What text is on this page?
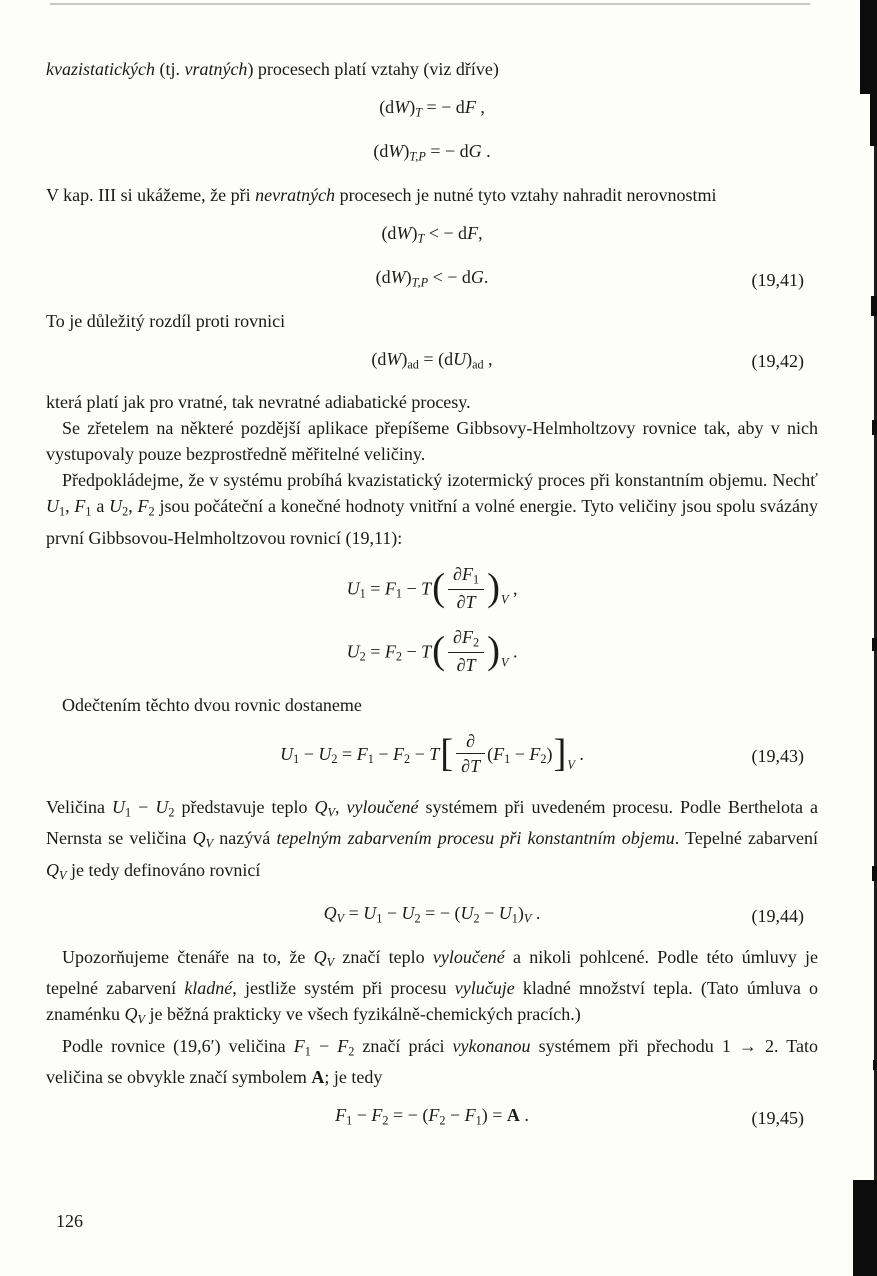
kvazistatických (tj. vratných) procesech platí vztahy (viz dříve)

(dW)T = − dF ,
(dW)T,P = − dG .

V kap. III si ukážeme, že při nevratných procesech je nutné tyto vztahy nahradit nerovnostmi

(dW)T < − dF,
(dW)T,P < − dG.	(19,41)

To je důležitý rozdíl proti rovnici

$(dW)_{ad} = (dU)_{ad}$ ,	(19,42)

která platí jak pro vratné, tak nevratné adiabatické procesy.

Se zřetelem na některé pozdější aplikace přepíšeme Gibbsovy-Helmholtzovy rovnice tak, aby v nich vystupovaly pouze bezprostředně měřitelné veličiny.

Předpokládejme, že v systému probíhá kvazistatický izotermický proces při konstantním objemu. Nechť $U_1$, $F_1$ a $U_2$, $F_2$ jsou počáteční a konečné hodnoty vnitřní a volné energie. Tyto veličiny jsou spolu svázány první Gibbsovou-Helmholtzovou rovnicí (19,11):

$U_1 = F_1 - T( \frac{\partial F_1}{\partial T} )_V$ ,
$U_2 = F_2 - T( \frac{\partial F_2}{\partial T} )_V$ .

Odečtením těchto dvou rovnic dostaneme

$U_1 - U_2 = F_1 - F_2 - T[ \frac{\partial}{\partial T} (F_1 - F_2)]_V$ .	(19,43)

Veličina $U_1 - U_2$ představuje teplo QV, vyloučené systémem při uvedeném procesu. Podle Berthelota a Nernsta se veličina QV nazývá tepelným zabarvením procesu při konstantním objemu. Tepelné zabarvení QV je tedy definováno rovnicí

QV = $U_1 - U_2$ = − $(U_2 - U_1)V$ .	(19,44)

Upozorňujeme čtenáře na to, že QV značí teplo vyloučené a nikoli pohlcené. Podle této úmluvy je tepelné zabarvení kladné, jestliže systém při procesu vylučuje kladné množství tepla. (Tato úmluva o znaménku QV je běžná prakticky ve všech fyzikálně-chemických pracích.)

Podle rovnice (19,6′) veličina $F_1 - F_2$ značí práci vykonanou systémem při přechodu 1 → 2. Tato veličina se obvykle značí symbolem A; je tedy

$F_1 - F_2$ = − $(F_2 - F_1) = A$ .	(19,45)
126
